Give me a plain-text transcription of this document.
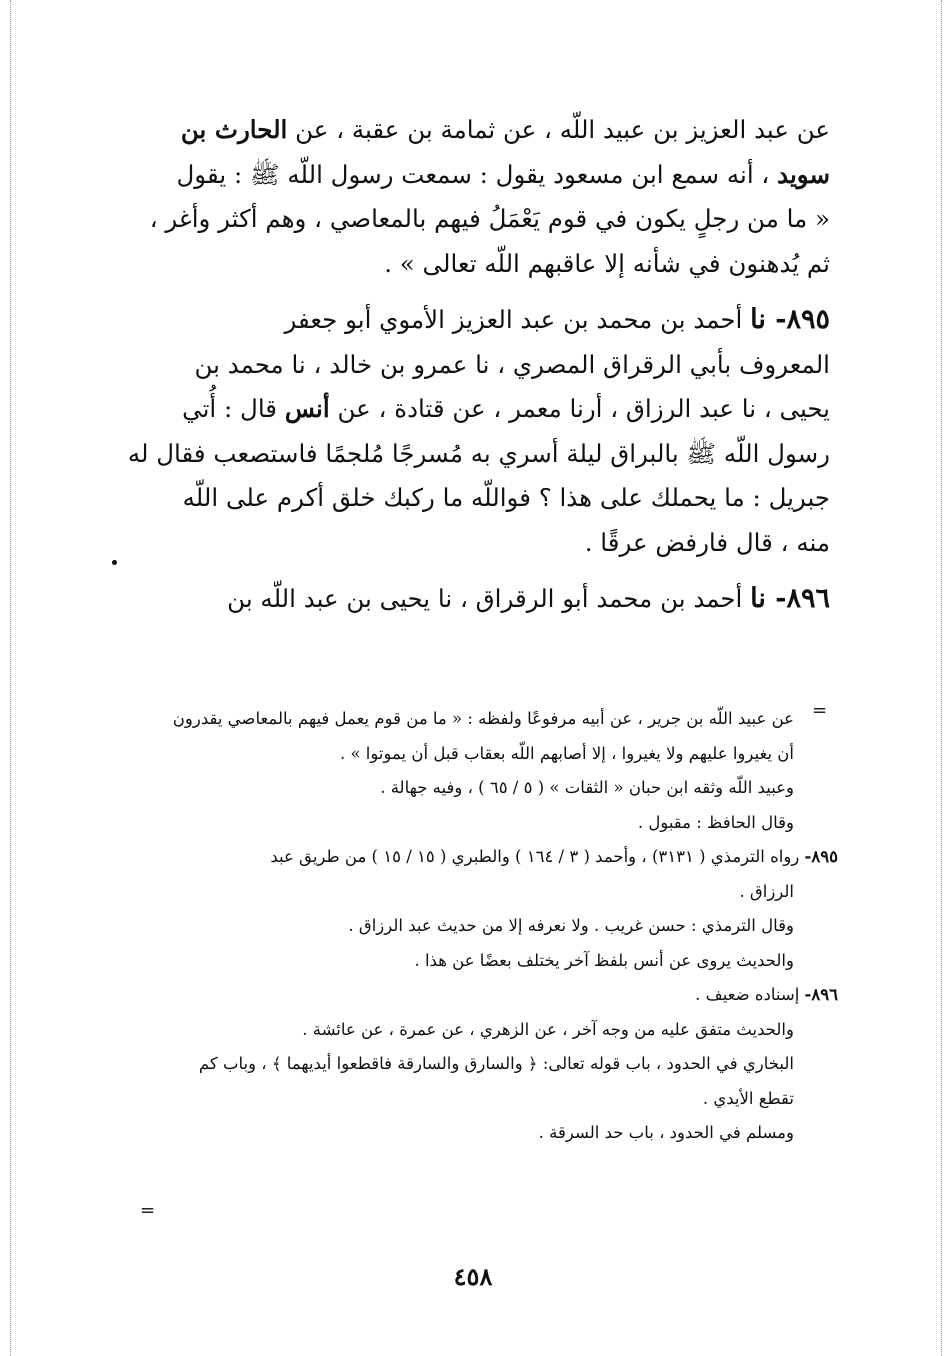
عن عبد العزيز بن عبيد اللّه ، عن ثمامة بن عقبة ، عن الحارث بن

سويد ، أنه سمع ابن مسعود يقول : سمعت رسول اللّه ﷺ : يقول

« ما من رجلٍ يكون في قوم يَعْمَلُ فيهم بالمعاصي ، وهم أكثر وأغر ،

ثم يُدهنون في شأنه إلا عاقبهم اللّه تعالى » .

٨٩٥- نا أحمد بن محمد بن عبد العزيز الأموي أبو جعفر

المعروف بأبي الرقراق المصري ، نا عمرو بن خالد ، نا محمد بن

يحيى ، نا عبد الرزاق ، أرنا معمر ، عن قتادة ، عن أنس قال : أُتي

رسول اللّه ﷺ بالبراق ليلة أسري به مُسرجًا مُلجمًا فاستصعب فقال له

جبريل : ما يحملك على هذا ؟ فواللّه ما ركبك خلق أكرم على اللّه

منه ، قال فارفض عرقًا .

٨٩٦- نا أحمد بن محمد أبو الرقراق ، نا يحيى بن عبد اللّه بن

=

عن عبيد اللّه بن جرير ، عن أبيه مرفوعًا ولفظه : « ما من قوم يعمل فيهم بالمعاصي يقدرون

أن يغيروا عليهم ولا يغيروا ، إلا أصابهم اللّه بعقاب قبل أن يموتوا » .

وعبيد اللّه وثقه ابن حبان « الثقات » ( ٥ / ٦٥ ) ، وفيه جهالة .

وقال الحافظ : مقبول .

٨٩٥- رواه الترمذي ( ٣١٣١) ، وأحمد ( ٣ / ١٦٤ ) والطبري ( ١٥ / ١٥ ) من طريق عبد

الرزاق .

وقال الترمذي : حسن غريب . ولا نعرفه إلا من حديث عبد الرزاق .

والحديث يروى عن أنس بلفظ آخر يختلف بعضًا عن هذا .

٨٩٦- إسناده ضعيف .

والحديث متفق عليه من وجه آخر ، عن الزهري ، عن عمرة ، عن عائشة .

البخاري في الحدود ، باب قوله تعالى: ﴿ والسارق والسارقة فاقطعوا أيديهما ﴾ ، وباب كم

تقطع الأيدي .

ومسلم في الحدود ، باب حد السرقة .

=
٤٥٨
